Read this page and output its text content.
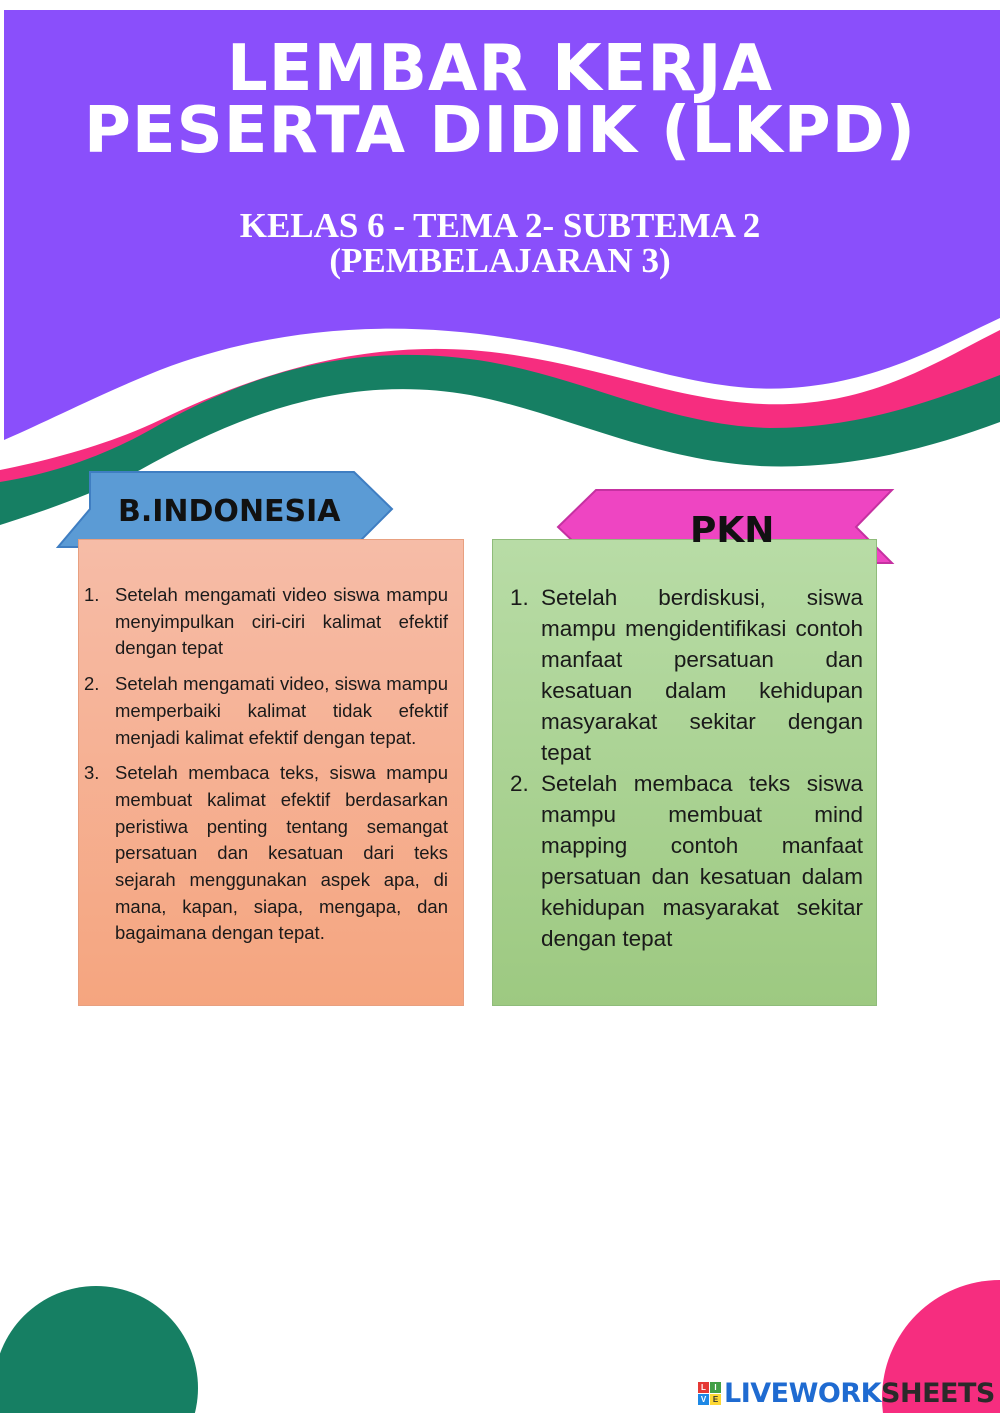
LEMBAR KERJA
PESERTA DIDIK (LKPD)
KELAS 6 - TEMA 2- SUBTEMA 2
(PEMBELAJARAN 3)
B.INDONESIA	PKN
1. Setelah mengamati video siswa mampu menyimpulkan ciri-ciri kalimat efektif dengan tepat
2. Setelah mengamati video, siswa mampu memperbaiki kalimat tidak efektif menjadi kalimat efektif dengan tepat.
3. Setelah membaca teks, siswa mampu membuat kalimat efektif berdasarkan peristiwa penting tentang semangat persatuan dan kesatuan dari teks sejarah menggunakan aspek apa, di mana, kapan, siapa, mengapa, dan bagaimana dengan tepat.
1. Setelah berdiskusi, siswa mampu mengidentifikasi contoh manfaat persatuan dan kesatuan dalam kehidupan masyarakat sekitar dengan tepat
2. Setelah membaca teks siswa mampu membuat mind mapping contoh manfaat persatuan dan kesatuan dalam kehidupan masyarakat sekitar dengan tepat
L	I
V E LIVEWORKSHEETS
